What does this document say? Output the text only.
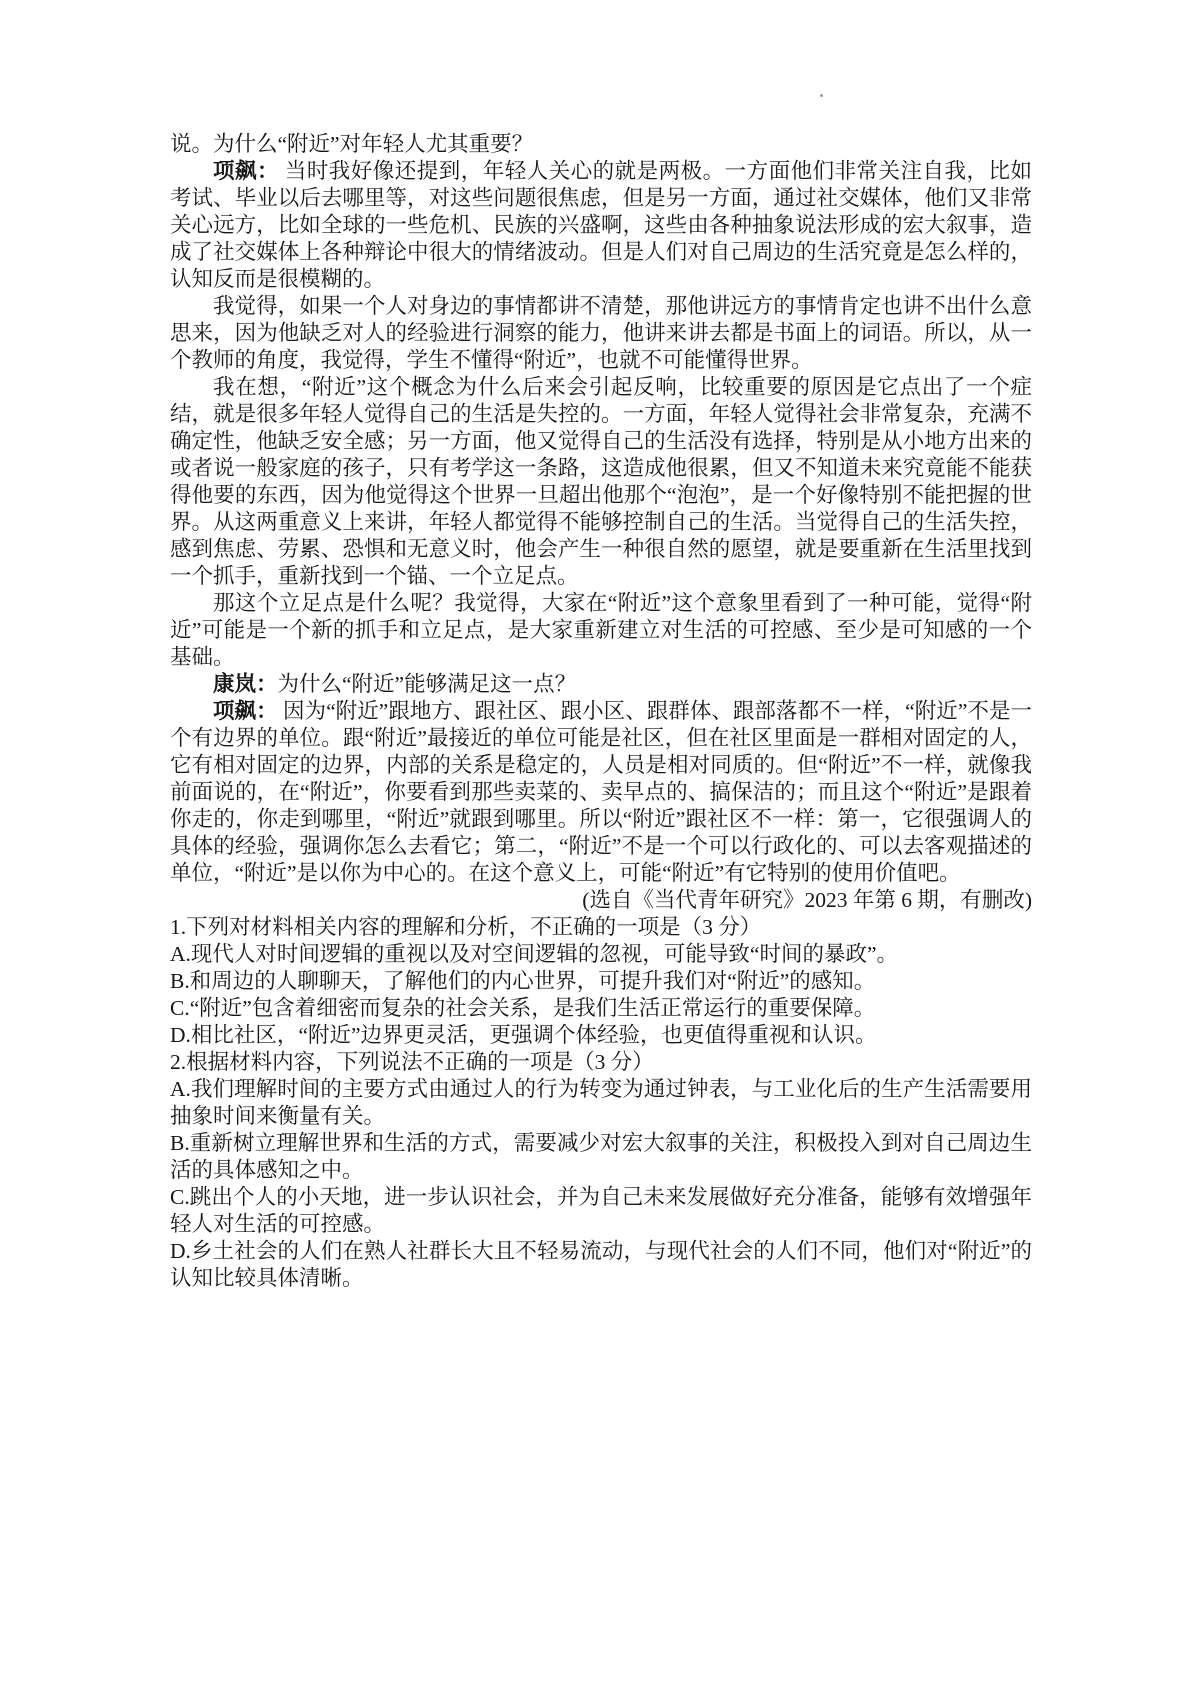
说。为什么“附近”对年轻人尤其重要？

项飙： 当时我好像还提到，年轻人关心的就是两极。一方面他们非常关注自我，比如考试、毕业以后去哪里等，对这些问题很焦虑，但是另一方面，通过社交媒体，他们又非常关心远方，比如全球的一些危机、民族的兴盛啊，这些由各种抽象说法形成的宏大叙事，造成了社交媒体上各种辩论中很大的情绪波动。但是人们对自己周边的生活究竟是怎么样的，认知反而是很模糊的。

我觉得，如果一个人对身边的事情都讲不清楚，那他讲远方的事情肯定也讲不出什么意思来，因为他缺乏对人的经验进行洞察的能力，他讲来讲去都是书面上的词语。所以，从一个教师的角度，我觉得，学生不懂得“附近”，也就不可能懂得世界。

我在想，“附近”这个概念为什么后来会引起反响，比较重要的原因是它点出了一个症结，就是很多年轻人觉得自己的生活是失控的。一方面，年轻人觉得社会非常复杂，充满不确定性，他缺乏安全感；另一方面，他又觉得自己的生活没有选择，特别是从小地方出来的或者说一般家庭的孩子，只有考学这一条路，这造成他很累，但又不知道未来究竟能不能获得他要的东西，因为他觉得这个世界一旦超出他那个“泡泡”，是一个好像特别不能把握的世界。从这两重意义上来讲，年轻人都觉得不能够控制自己的生活。当觉得自己的生活失控，感到焦虑、劳累、恐惧和无意义时，他会产生一种很自然的愿望，就是要重新在生活里找到一个抓手，重新找到一个锚、一个立足点。

那这个立足点是什么呢？我觉得，大家在“附近”这个意象里看到了一种可能，觉得“附近”可能是一个新的抓手和立足点，是大家重新建立对生活的可控感、至少是可知感的一个基础。

康岚：为什么“附近”能够满足这一点？

项飙： 因为“附近”跟地方、跟社区、跟小区、跟群体、跟部落都不一样，“附近”不是一个有边界的单位。跟“附近”最接近的单位可能是社区，但在社区里面是一群相对固定的人，它有相对固定的边界，内部的关系是稳定的，人员是相对同质的。但“附近”不一样，就像我前面说的，在“附近”，你要看到那些卖菜的、卖早点的、搞保洁的；而且这个“附近”是跟着你走的，你走到哪里，“附近”就跟到哪里。所以“附近”跟社区不一样：第一，它很强调人的具体的经验，强调你怎么去看它；第二，“附近”不是一个可以行政化的、可以去客观描述的单位，“附近”是以你为中心的。在这个意义上，可能“附近”有它特别的使用价值吧。

(选自《当代青年研究》2023 年第 6 期，有删改)

1.下列对材料相关内容的理解和分析，不正确的一项是（3 分）

A.现代人对时间逻辑的重视以及对空间逻辑的忽视，可能导致“时间的暴政”。

B.和周边的人聊聊天，了解他们的内心世界，可提升我们对“附近”的感知。

C.“附近”包含着细密而复杂的社会关系，是我们生活正常运行的重要保障。

D.相比社区，“附近”边界更灵活，更强调个体经验，也更值得重视和认识。

2.根据材料内容，下列说法不正确的一项是（3 分）

A.我们理解时间的主要方式由通过人的行为转变为通过钟表，与工业化后的生产生活需要用抽象时间来衡量有关。

B.重新树立理解世界和生活的方式，需要减少对宏大叙事的关注，积极投入到对自己周边生活的具体感知之中。

C.跳出个人的小天地，进一步认识社会，并为自己未来发展做好充分准备，能够有效增强年轻人对生活的可控感。

D.乡土社会的人们在熟人社群长大且不轻易流动，与现代社会的人们不同，他们对“附近”的认知比较具体清晰。
